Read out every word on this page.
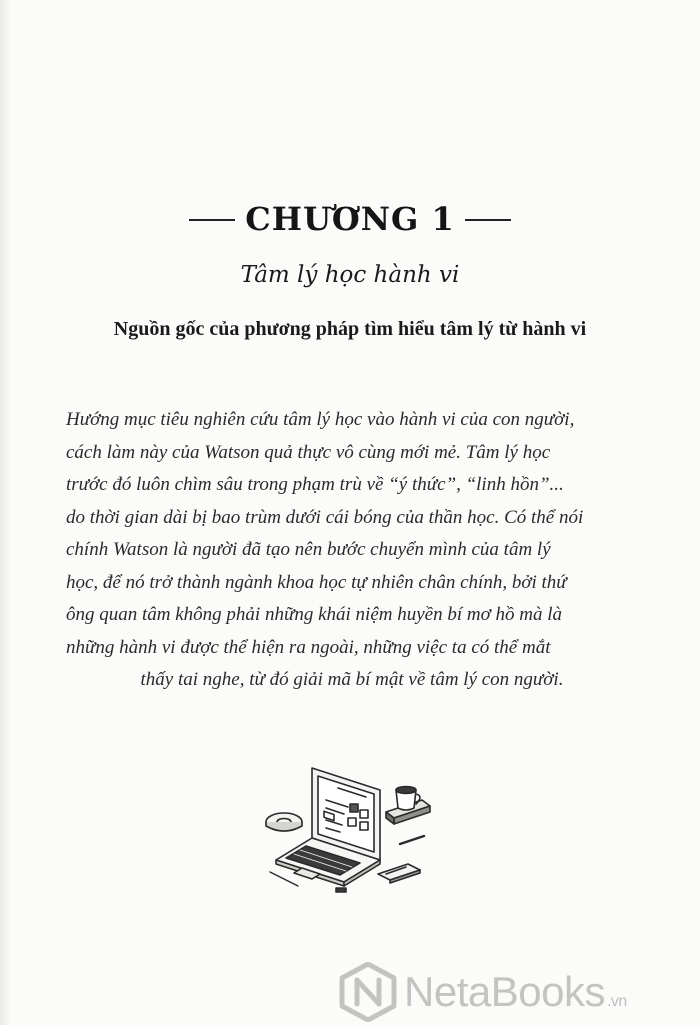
CHƯƠNG 1
Tâm lý học hành vi
Nguồn gốc của phương pháp tìm hiểu tâm lý từ hành vi
Hướng mục tiêu nghiên cứu tâm lý học vào hành vi của con người,
cách làm này của Watson quả thực vô cùng mới mẻ. Tâm lý học
trước đó luôn chìm sâu trong phạm trù về “ý thức”, “linh hồn”...
do thời gian dài bị bao trùm dưới cái bóng của thần học. Có thể nói
chính Watson là người đã tạo nên bước chuyển mình của tâm lý
học, để nó trở thành ngành khoa học tự nhiên chân chính, bởi thứ
ông quan tâm không phải những khái niệm huyền bí mơ hồ mà là
những hành vi được thể hiện ra ngoài, những việc ta có thể mắt
thấy tai nghe, từ đó giải mã bí mật về tâm lý con người.
NetaBooks .vn
